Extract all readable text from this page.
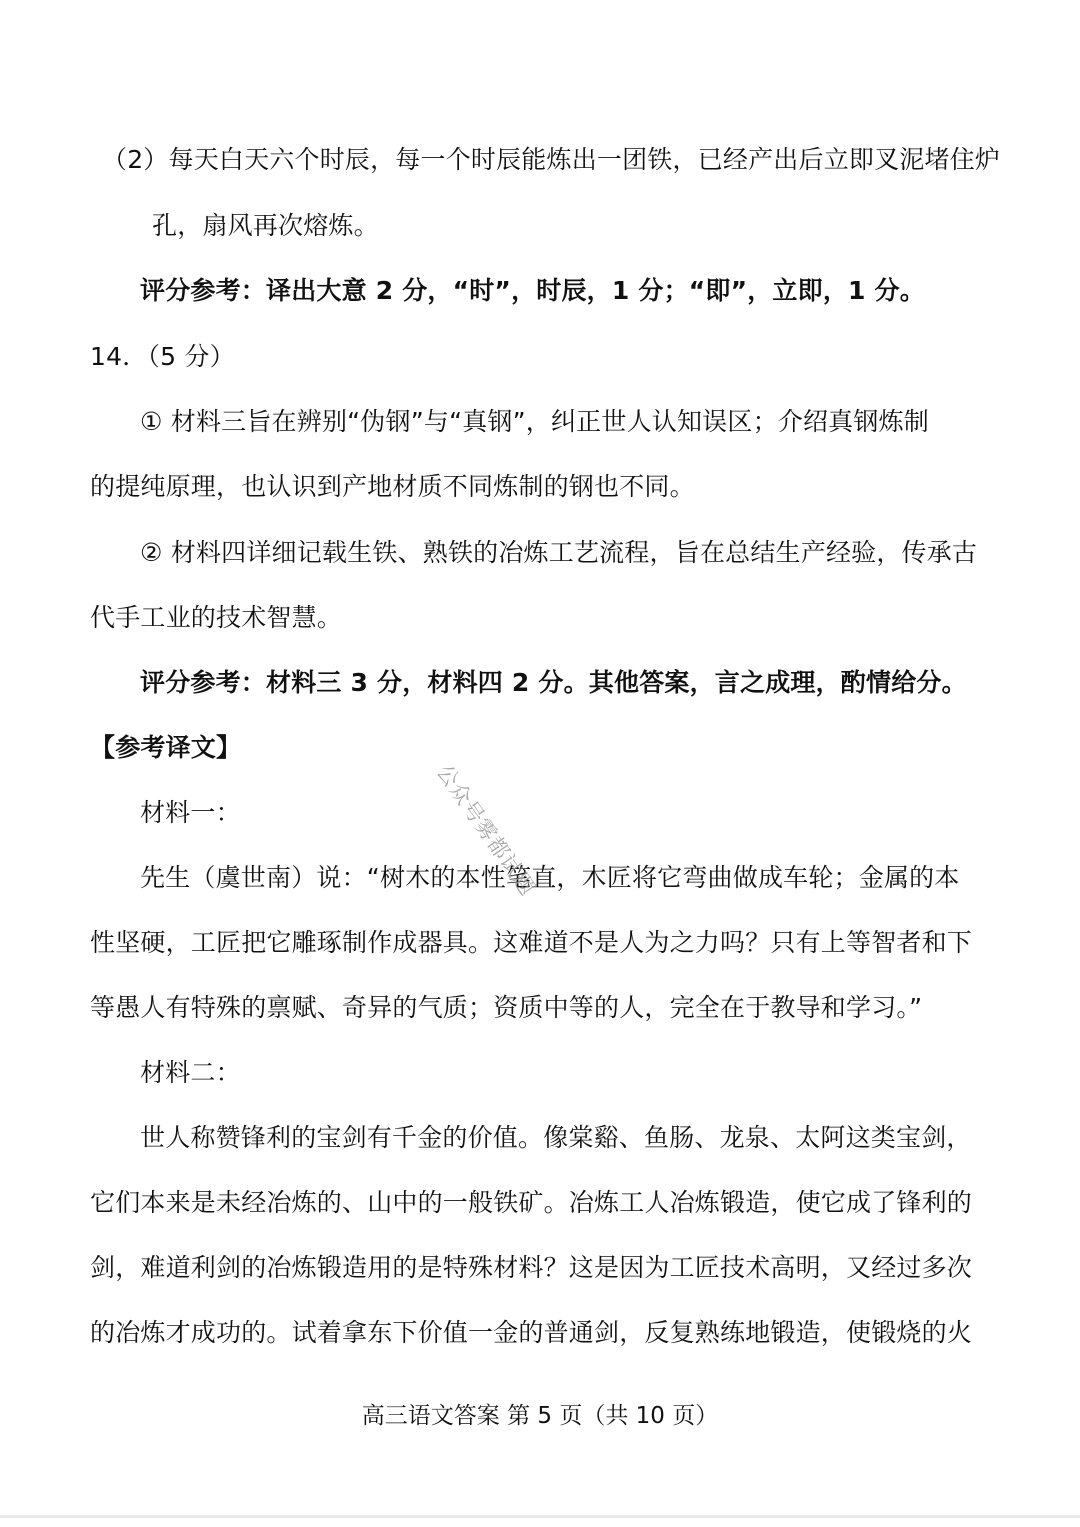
（2）每天白天六个时辰，每一个时辰能炼出一团铁，已经产出后立即叉泥堵住炉
孔，扇风再次熔炼。
评分参考：译出大意 2 分，“时”，时辰，1 分；“即”，立即，1 分。
14．（5 分）
① 材料三旨在辨别“伪钢”与“真钢”，纠正世人认知误区；介绍真钢炼制
的提纯原理，也认识到产地材质不同炼制的钢也不同。
② 材料四详细记载生铁、熟铁的冶炼工艺流程，旨在总结生产经验，传承古
代手工业的技术智慧。
评分参考：材料三 3 分，材料四 2 分。其他答案，言之成理，酌情给分。
【参考译文】
材料一：
先生（虞世南）说：“树木的本性笔直，木匠将它弯曲做成车轮；金属的本
性坚硬，工匠把它雕琢制作成器具。这难道不是人为之力吗？只有上等智者和下
等愚人有特殊的禀赋、奇异的气质；资质中等的人，完全在于教导和学习。”
材料二：
世人称赞锋利的宝剑有千金的价值。像棠谿、鱼肠、龙泉、太阿这类宝剑，
它们本来是未经冶炼的、山中的一般铁矿。冶炼工人冶炼锻造，使它成了锋利的
剑，难道利剑的冶炼锻造用的是特殊材料？这是因为工匠技术高明，又经过多次
的冶炼才成功的。试着拿东下价值一金的普通剑，反复熟练地锻造，使锻烧的火
公众号雾都试题
高三语文答案 第 5 页（共 10 页）
